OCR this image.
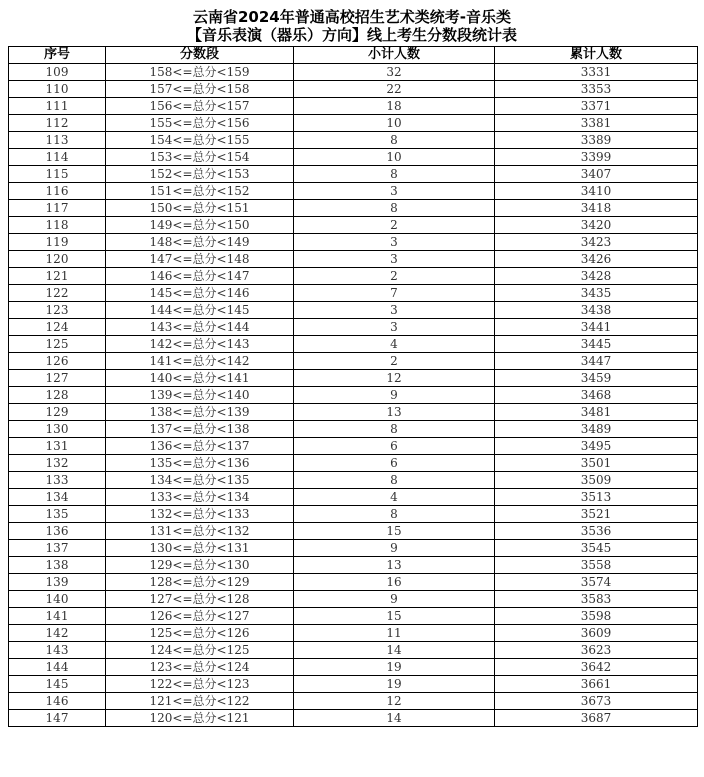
云南省2024年普通高校招生艺术类统考-音乐类
【音乐表演（器乐）方向】线上考生分数段统计表
序号	分数段	小计人数	累计人数
109	158<=总分<159	32	3331
110	157<=总分<158	22	3353
111	156<=总分<157	18	3371
112	155<=总分<156	10	3381
113	154<=总分<155	8	3389
114	153<=总分<154	10	3399
115	152<=总分<153	8	3407
116	151<=总分<152	3	3410
117	150<=总分<151	8	3418
118	149<=总分<150	2	3420
119	148<=总分<149	3	3423
120	147<=总分<148	3	3426
121	146<=总分<147	2	3428
122	145<=总分<146	7	3435
123	144<=总分<145	3	3438
124	143<=总分<144	3	3441
125	142<=总分<143	4	3445
126	141<=总分<142	2	3447
127	140<=总分<141	12	3459
128	139<=总分<140	9	3468
129	138<=总分<139	13	3481
130	137<=总分<138	8	3489
131	136<=总分<137	6	3495
132	135<=总分<136	6	3501
133	134<=总分<135	8	3509
134	133<=总分<134	4	3513
135	132<=总分<133	8	3521
136	131<=总分<132	15	3536
137	130<=总分<131	9	3545
138	129<=总分<130	13	3558
139	128<=总分<129	16	3574
140	127<=总分<128	9	3583
141	126<=总分<127	15	3598
142	125<=总分<126	11	3609
143	124<=总分<125	14	3623
144	123<=总分<124	19	3642
145	122<=总分<123	19	3661
146	121<=总分<122	12	3673
147	120<=总分<121	14	3687
